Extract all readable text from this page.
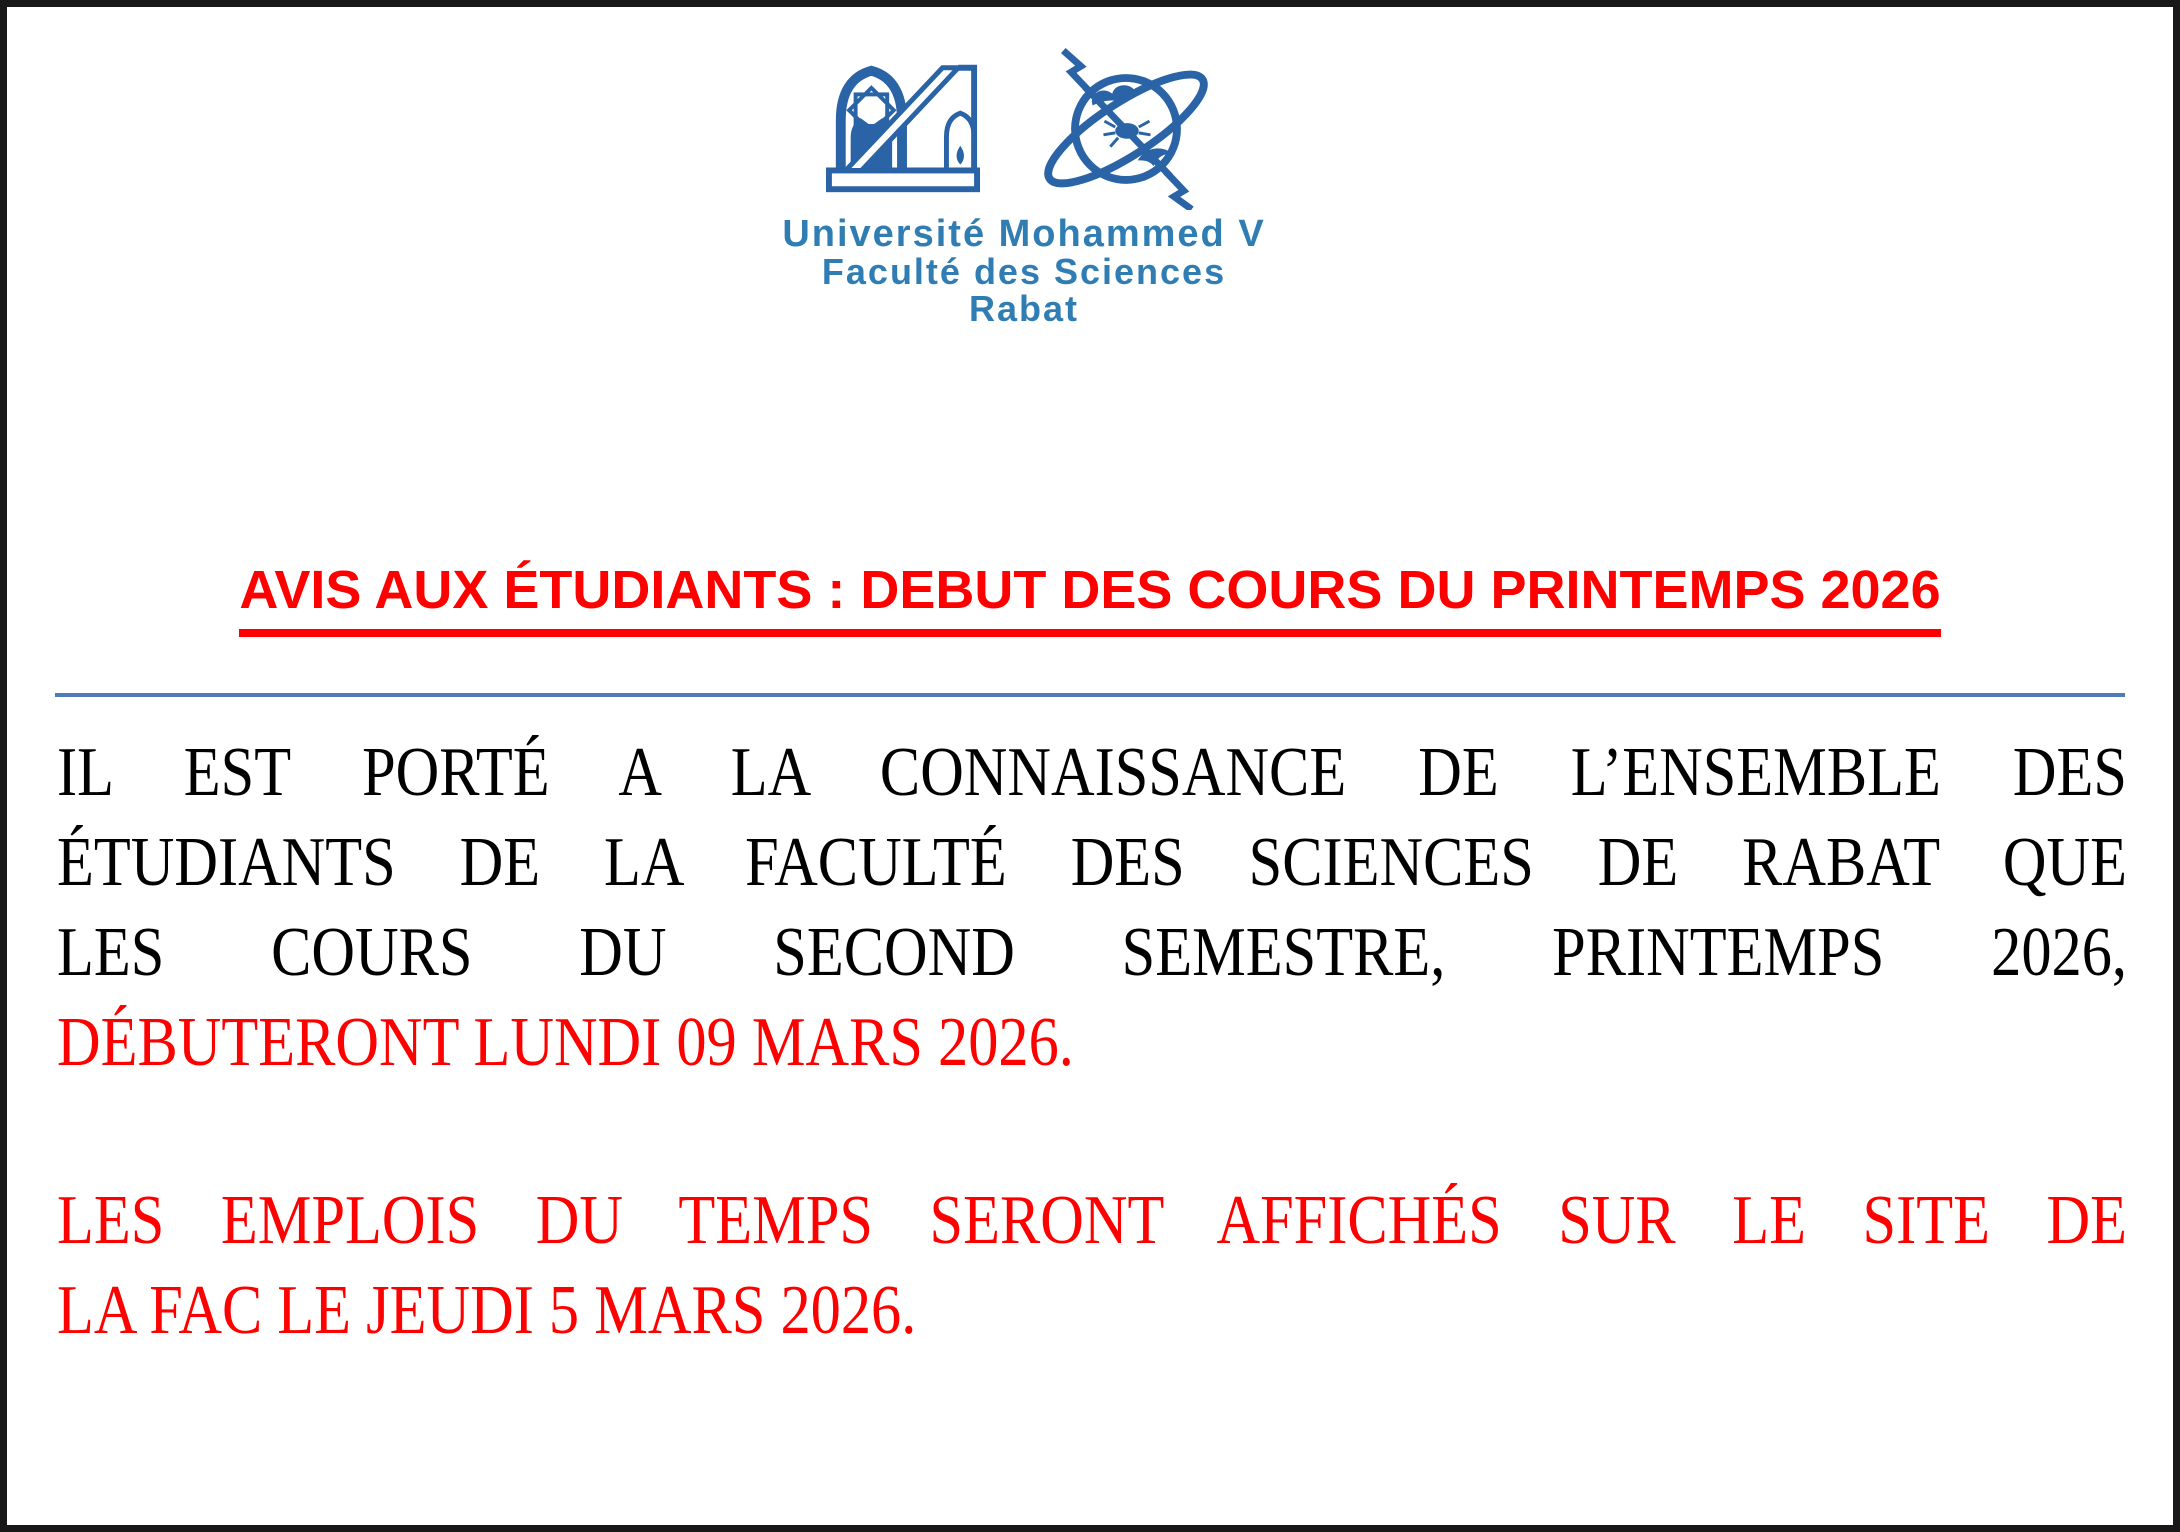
Université Mohammed V
Faculté des Sciences
Rabat
AVIS AUX ÉTUDIANTS : DEBUT DES COURS DU PRINTEMPS 2026

IL EST PORTÉ A LA CONNAISSANCE DE L’ENSEMBLE DES
ÉTUDIANTS DE LA FACULTÉ DES SCIENCES DE RABAT QUE
LES COURS DU SECOND SEMESTRE, PRINTEMPS 2026,
DÉBUTERONT LUNDI 09 MARS 2026.

LES EMPLOIS DU TEMPS SERONT AFFICHÉS SUR LE SITE DE
LA FAC LE JEUDI 5 MARS 2026.
